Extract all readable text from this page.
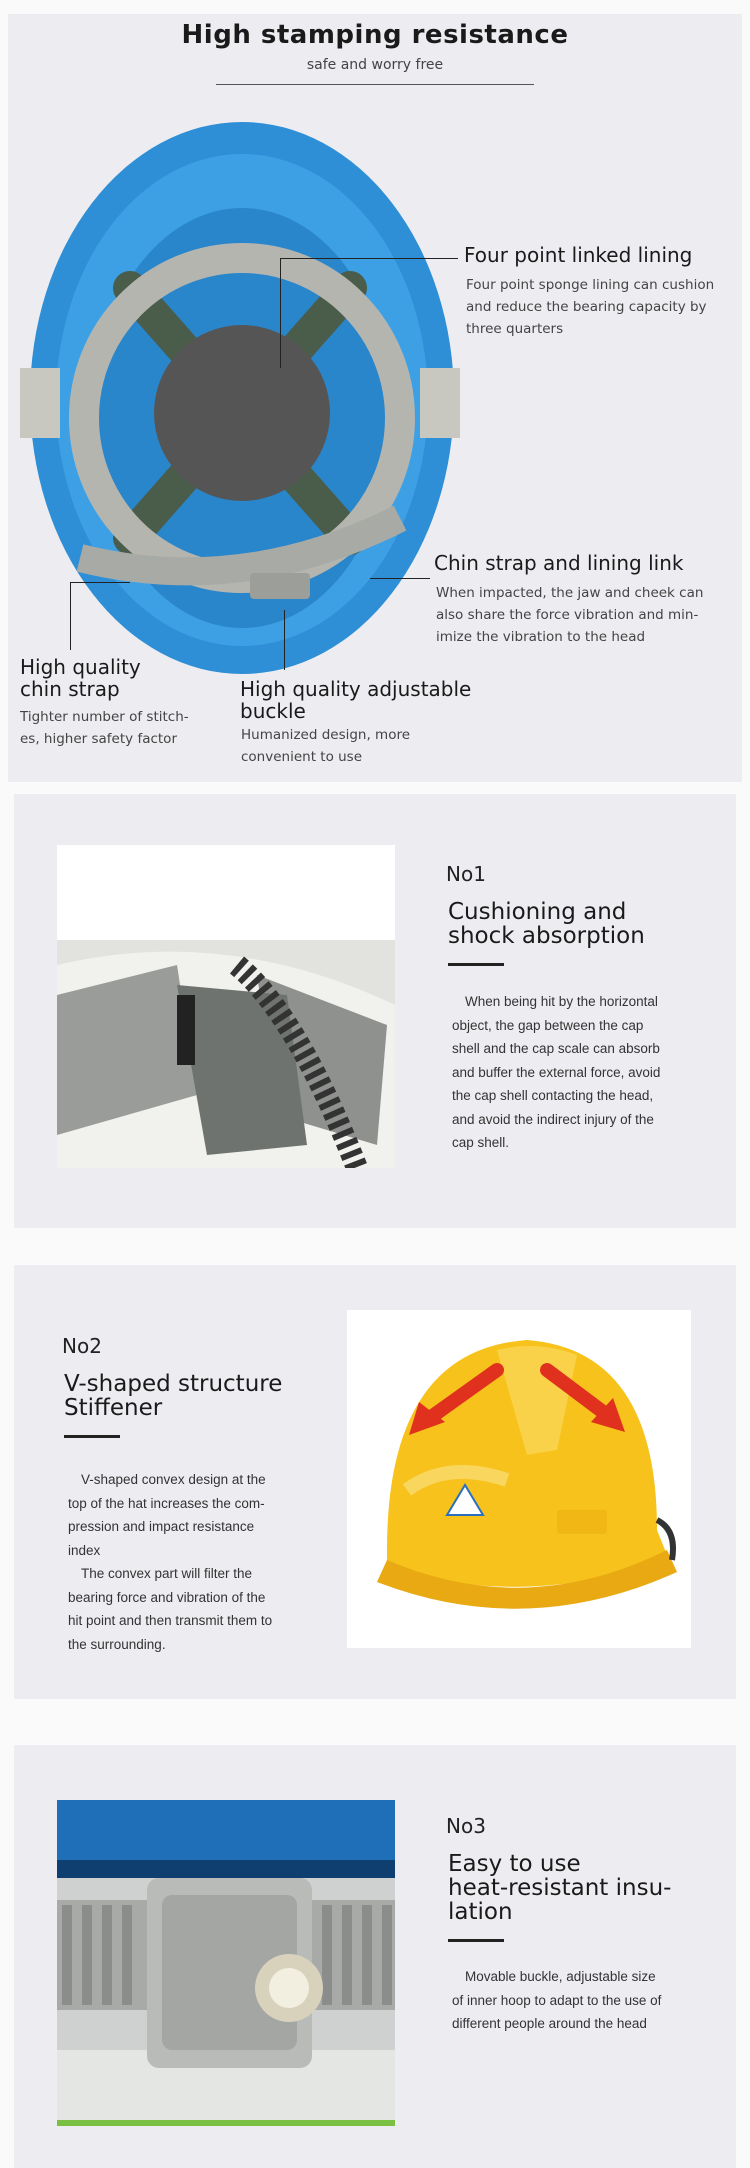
High stamping resistance
safe and worry free
Four point linked lining
Four point sponge lining can cushion
and reduce the bearing capacity by
three quarters
Chin strap and lining link
When impacted, the jaw and cheek can
also share the force vibration and min-
imize the vibration to the head
High quality
chin strap
Tighter number of stitch-
es, higher safety factor
High quality adjustable
buckle
Humanized design, more
convenient to use
No1
Cushioning and
shock absorption
When being hit by the horizontal
object, the gap between the cap
shell and the cap scale can absorb
and buffer the external force, avoid
the cap shell contacting the head,
and avoid the indirect injury of the
cap shell.
No2
V-shaped structure
Stiffener
V-shaped convex design at the
top of the hat increases the com-
pression and impact resistance
index
The convex part will filter the
bearing force and vibration of the
hit point and then transmit them to
the surrounding.
No3
Easy to use
heat-resistant insu-
lation
Movable buckle, adjustable size
of inner hoop to adapt to the use of
different people around the head
